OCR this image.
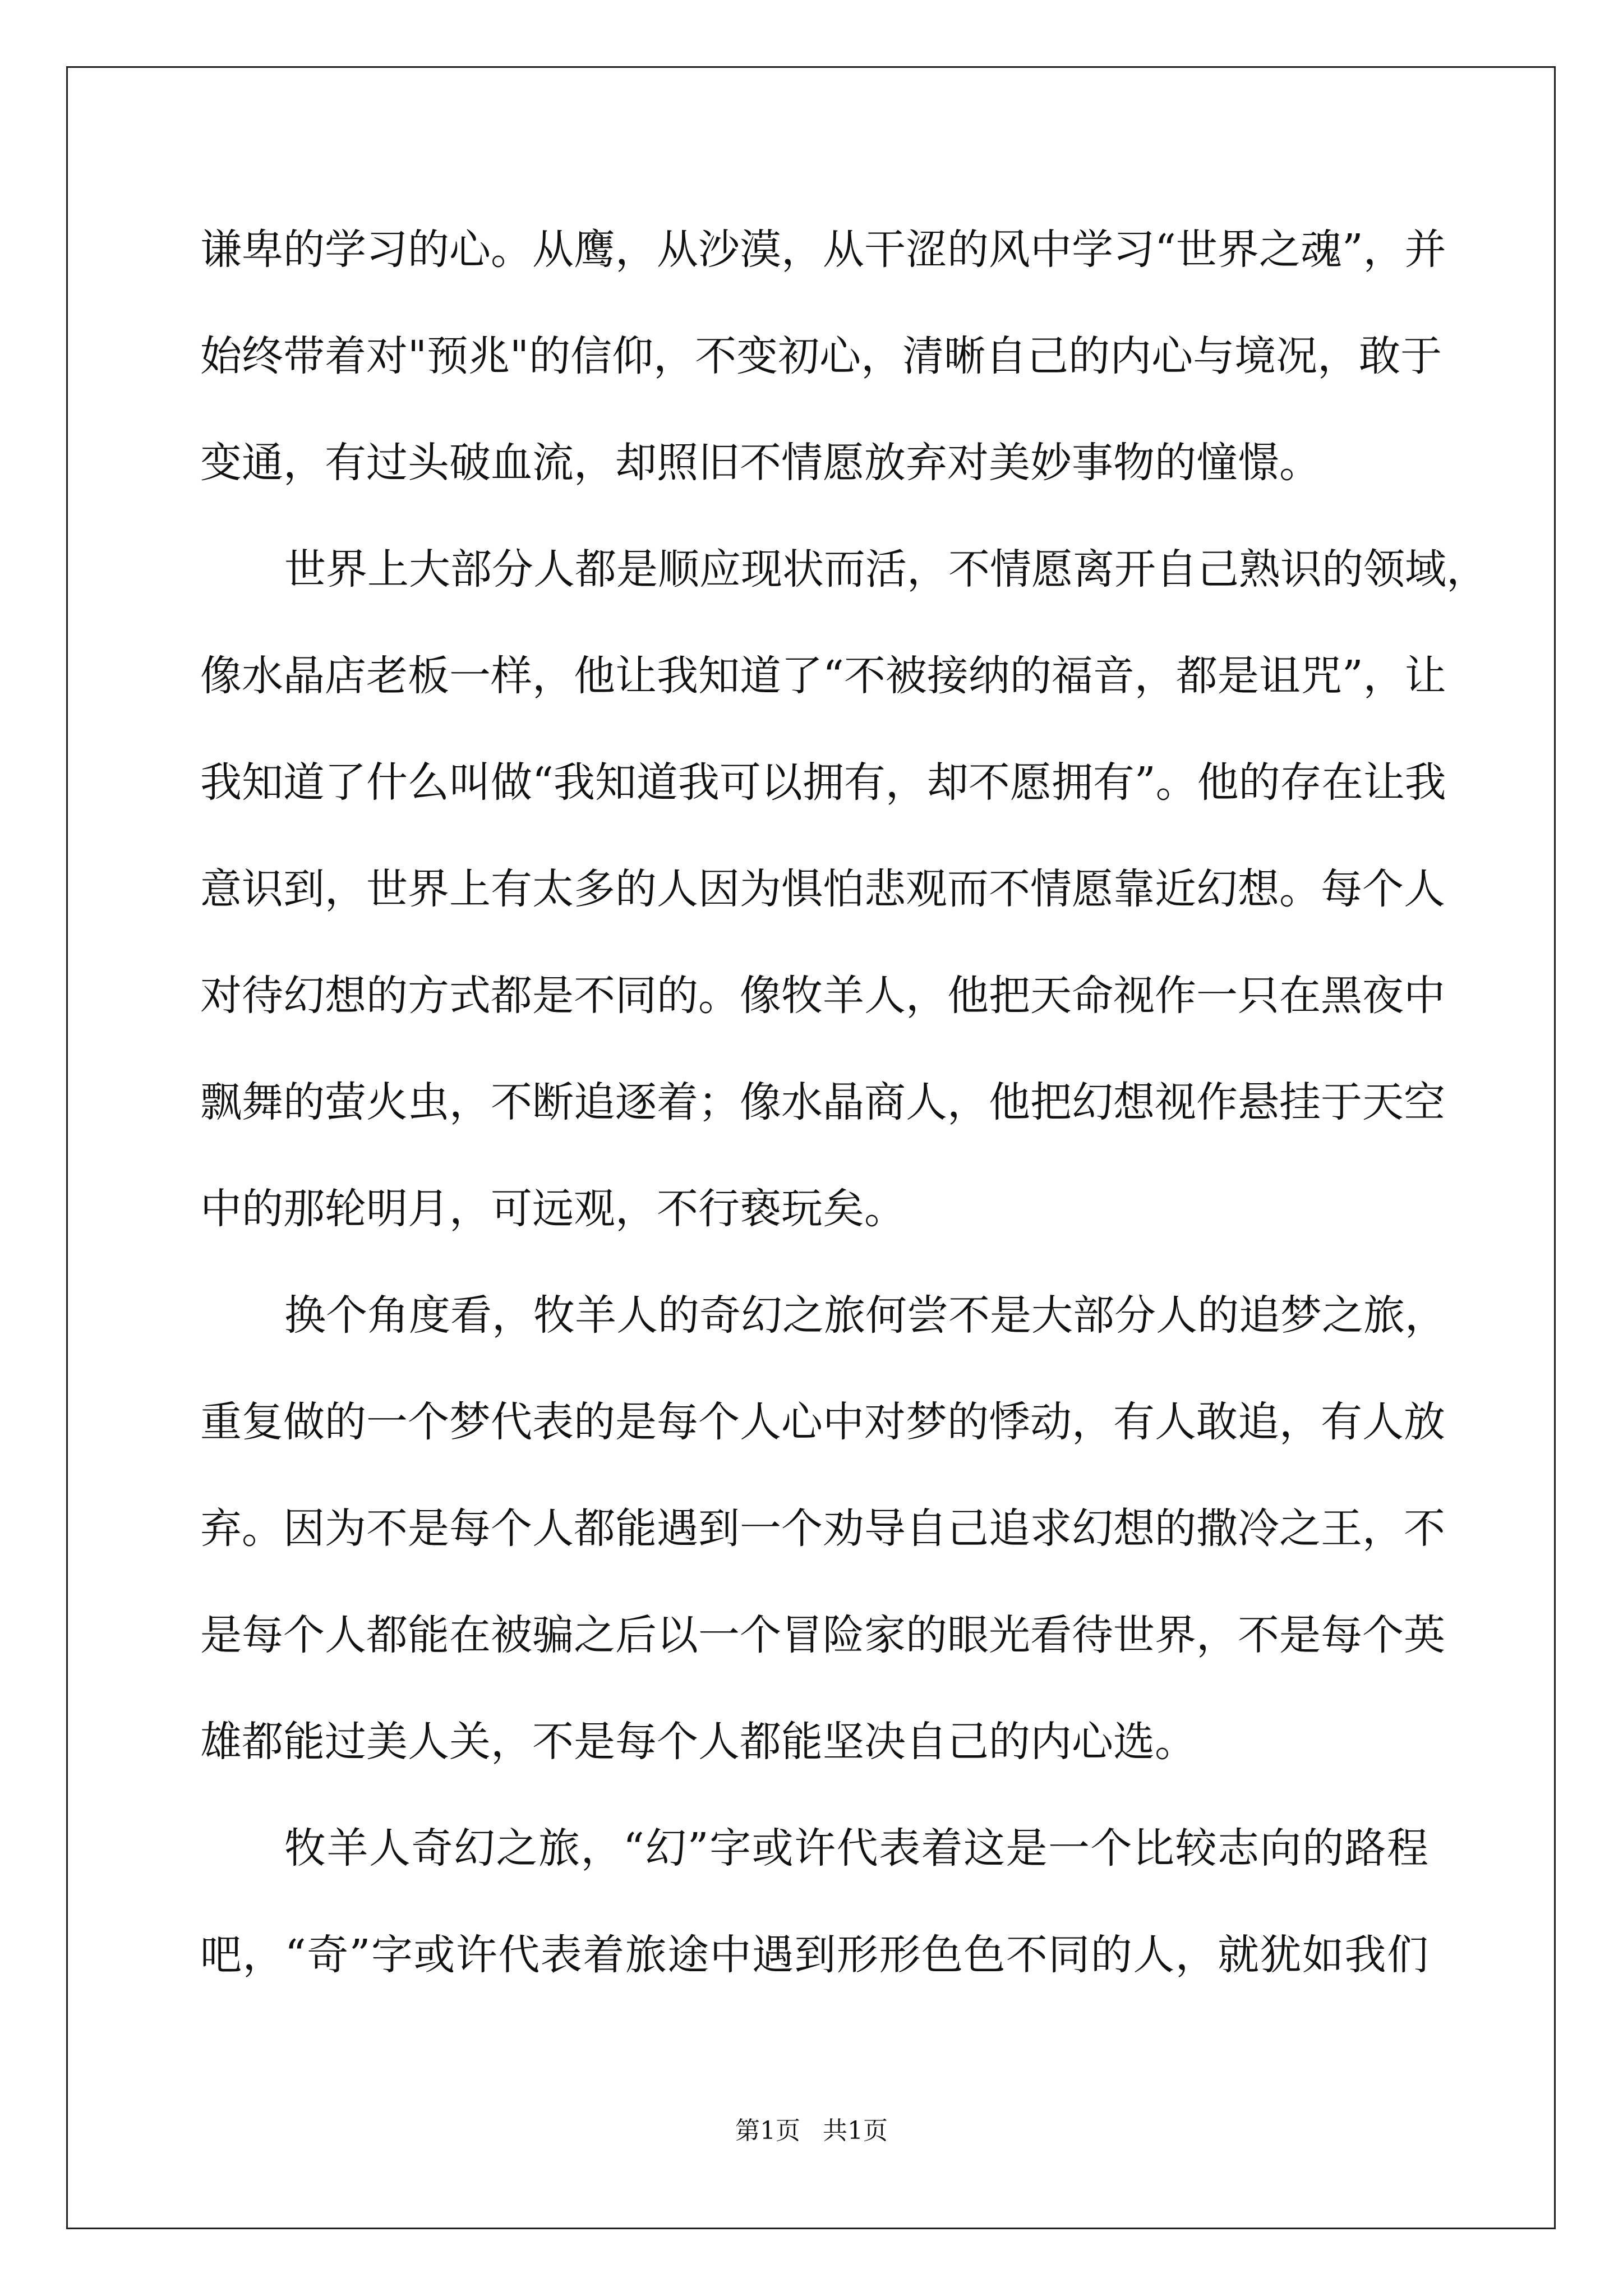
谦卑的学习的心。从鹰，从沙漠，从干涩的风中学习“世界之魂”，并
始终带着对"预兆"的信仰，不变初心，清晰自己的内心与境况，敢于
变通，有过头破血流，却照旧不情愿放弃对美妙事物的憧憬。
世界上大部分人都是顺应现状而活，不情愿离开自己熟识的领域，
像水晶店老板一样，他让我知道了“不被接纳的福音，都是诅咒”，让
我知道了什么叫做“我知道我可以拥有，却不愿拥有”。他的存在让我
意识到，世界上有太多的人因为惧怕悲观而不情愿靠近幻想。每个人
对待幻想的方式都是不同的。像牧羊人，他把天命视作一只在黑夜中
飘舞的萤火虫，不断追逐着；像水晶商人，他把幻想视作悬挂于天空
中的那轮明月，可远观，不行亵玩矣。
换个角度看，牧羊人的奇幻之旅何尝不是大部分人的追梦之旅，
重复做的一个梦代表的是每个人心中对梦的悸动，有人敢追，有人放
弃。因为不是每个人都能遇到一个劝导自己追求幻想的撒冷之王，不
是每个人都能在被骗之后以一个冒险家的眼光看待世界，不是每个英
雄都能过美人关，不是每个人都能坚决自己的内心选。
牧羊人奇幻之旅，“幻”字或许代表着这是一个比较志向的路程
吧，“奇”字或许代表着旅途中遇到形形色色不同的人，就犹如我们
第1页 共1页
